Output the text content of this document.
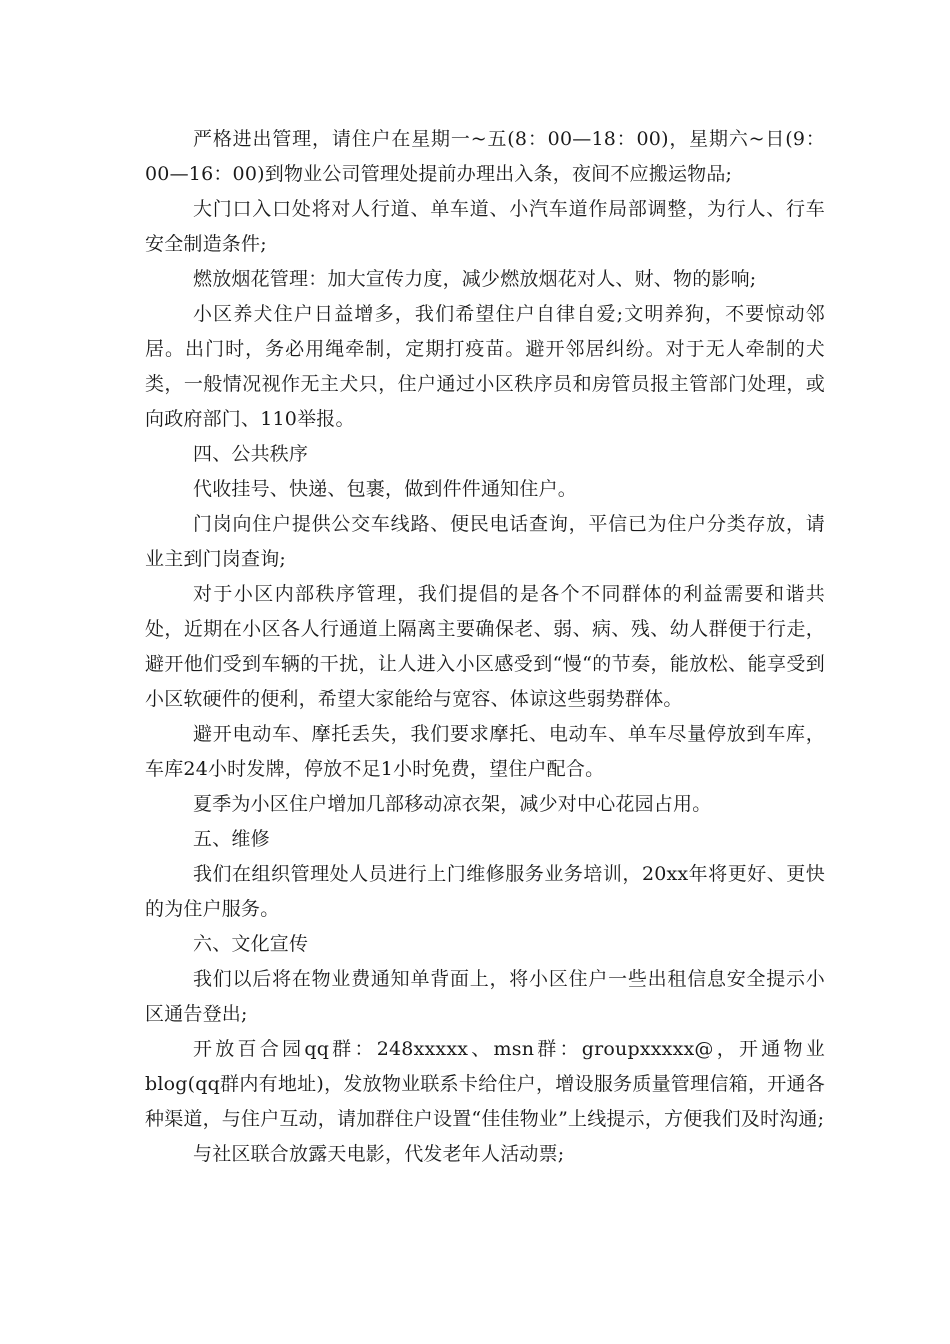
严格进出管理，请住户在星期一~五(8：00—18：00)，星期六~日(9：00—16：00)到物业公司管理处提前办理出入条，夜间不应搬运物品;

大门口入口处将对人行道、单车道、小汽车道作局部调整，为行人、行车安全制造条件;

燃放烟花管理：加大宣传力度，减少燃放烟花对人、财、物的影响;

小区养犬住户日益增多，我们希望住户自律自爱;文明养狗，不要惊动邻居。出门时，务必用绳牵制，定期打疫苗。避开邻居纠纷。对于无人牵制的犬类，一般情况视作无主犬只，住户通过小区秩序员和房管员报主管部门处理，或向政府部门、110举报。

四、公共秩序

代收挂号、快递、包裹，做到件件通知住户。

门岗向住户提供公交车线路、便民电话查询，平信已为住户分类存放，请业主到门岗查询;

对于小区内部秩序管理，我们提倡的是各个不同群体的利益需要和谐共处，近期在小区各人行通道上隔离主要确保老、弱、病、残、幼人群便于行走，避开他们受到车辆的干扰，让人进入小区感受到“慢“的节奏，能放松、能享受到小区软硬件的便利，希望大家能给与宽容、体谅这些弱势群体。

避开电动车、摩托丢失，我们要求摩托、电动车、单车尽量停放到车库，车库24小时发牌，停放不足1小时免费，望住户配合。

夏季为小区住户增加几部移动凉衣架，减少对中心花园占用。

五、维修

我们在组织管理处人员进行上门维修服务业务培训，20xx年将更好、更快的为住户服务。

六、文化宣传

我们以后将在物业费通知单背面上，将小区住户一些出租信息安全提示小区通告登出;

开放百合园qq群：248xxxxx、msn群：groupxxxxx@，开通物业blog(qq群内有地址)，发放物业联系卡给住户，增设服务质量管理信箱，开通各种渠道，与住户互动，请加群住户设置“佳佳物业”上线提示，方便我们及时沟通;

与社区联合放露天电影，代发老年人活动票;
